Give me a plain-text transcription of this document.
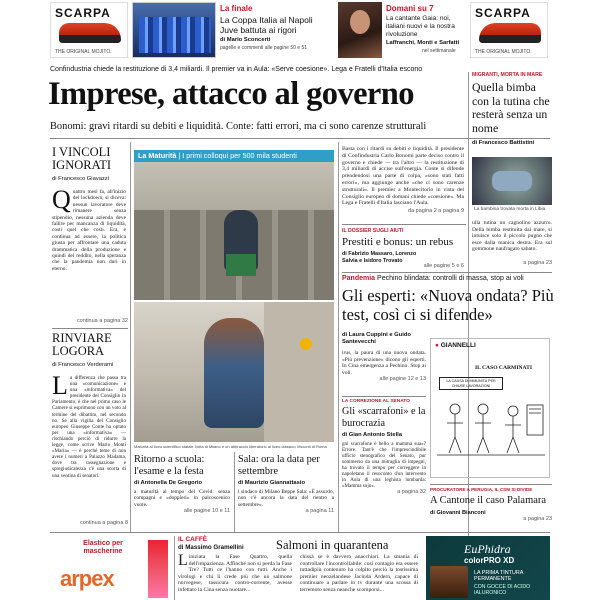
SCARPA
THE ORIGINAL MOJITO.
La finale
La Coppa Italia al Napoli Juve battuta ai rigori
di Mario Sconcerti
pagelle e commenti alle pagine 50 e 51
Domani su 7
La cantante Gaia: noi, italiani nuovi e la nostra rivoluzione
Laffranchi, Monti e Sarfatti
nel settimanale
SCARPA
THE ORIGINAL MOJITO.
Confindustria chiede la restituzione di 3,4 miliardi. Il premier va in Aula: «Serve coesione». Lega e Fratelli d'Italia escono
Imprese, attacco al governo
Bonomi: gravi ritardi su debiti e liquidità. Conte: fatti errori, ma ci sono carenze strutturali
MIGRANTI, MORTA IN MARE
Quella bimba con la tutina che resterà senza un nome
di Francesco Battistini
La bambina trovata morta in Libia
ulla tutina un cagnolino azzurro. Della bimba restituita dal mare, si intuisce solo il piccolo pugno che esce dalla manica destra. Era sul gommone naufragato sabato.
a pagina 23
I VINCOLI IGNORATI
di Francesco Giavazzi
Q uattro mesi fa, all'inizio del lockdown, si diceva: nessun lavoratore deve rimanere senza stipendio, nessuna azienda deve fallire per mancanza di liquidità, costi quel che costi. Era, e continua ad essere, la politica giusta per affrontare una caduta drammatica della produzione e quindi del reddito, nella speranza che la pandemia non duri in eterno.
continua a pagina 32
RINVIARE LOGORA
di Francesco Verderami
L a differenza che passa tra una «comunicazione» e una «informativa» del presidente del Consiglio in Parlamento, è che nel primo caso le Camere si esprimono con un voto al termine del dibattito, nel secondo no. Se alla vigilia del Consiglio europeo Giuseppe Conte ha optato per una «informativa» — rischiando perciò di ridurre la legge, come scrive Mario Monti «Maria» — è perché teme di non avere i numeri a Palazzo Madama, dove tra rassegnazione e spregiudicatezza c'è una scorta di una ventina di senatori.
continua a pagina 8
La Maturità | I primi colloqui per 500 mila studenti
Maturità al liceo scientifico statale Volta di Milano e un abbraccio liberatorio al liceo classico Visconti di Roma
Ritorno a scuola: l'esame e la festa
di Antonella De Gregorio
a maturità al tempo del Covid: senza compagni e «doppieri» in palcoscenico vuote.
alle pagine 10 e 11
Sala: ora la data per settembre
di Maurizio Giannattasio
l sindaco di Milano Beppe Sala: «È assurdo, non c'è ancora la data del rientro a settembre».
a pagina 11
Basta con i ritardi su debiti e liquidità. Il presidente di Confindustria Carlo Bonomi parte deciso contro il governo e chiede — tra l'altro — la restituzione di 3,4 miliardi di accise sull'energia. Conte si difende prendendosi una parte di colpa, «sono stati fatti errori», ma aggiunge anche «che ci sono carenze strutturali». Il premier a Montecitorio in vista del Consiglio europeo di domani chiede «coesione». Ma Lega e Fratelli d'Italia lasciano l'Aula.
da pagina 2 a pagina 9
IL DOSSIER SUGLI AIUTI
Prestiti e bonus: un rebus
di Fabrizio Massaro, Lorenzo Salvia e Isidoro Trovato
alle pagine 5 e 6
Pandemia Pechino blindata: controlli di massa, stop ai voli
Gli esperti: «Nuova ondata? Più test, così ci si difende»
di Laura Cuppini e Guido Santevecchi
irus, la paura di una nuova ondata. «Più prevenzione» dicono gli esperti. In Cina emergenza a Pechino. Stop ai voli.
alle pagine 12 e 13
LA CORREZIONE AL SENATO
Gli «scarrafoni» e la burocrazia
di Gian Antonio Stella
gni scarrafone è bello a mamma sua»? Errore. Tant'è che l'imprescindibile ufficio stenografico del Senato, pur sommerso da una mitraglia di impegni, ha trovato il tempo per correggere in napoletano il resoconto d'un intervento in Aula di una leghista lombarda: «Mamma sojo».
a pagina 32
● GIANNELLI
IL CASO CARMINATI
LA CAUSA DI IMMUNITÀ PER CHIUSE LAVORAZIONI
PROCURATORE A PERUGIA, IL CSM SI DIVIDE
A Cantone il caso Palamara
di Giovanni Bianconi
a pagina 23
Elastico per mascherine
arpex
IL CAFFÈ
di Massimo Gramellini	Salmoni in quarantena
L iniziata la Fase Quattro, quella dell'impazienza. Affinché non si perda la Fase Tre? Tutti ce l'hanno con tutti. Anche i virologi e chi li crede più che un salmone norvegese, rassicura contro-corrente, avesse infettato la Cina senza nuotare...
chissà se è davvero anacchiari. La smania di controllare l'incontrollabile: così contagio era essere tuttadipiù contenuto ha colpito perciò la tostissima premier neozelandese Jacinda Ardern, capace di continuare a parlare in tv durante una scossa di terremoto senza neanche scomporsi...
EuPhidra
colorPRO XD
LA PRIMA TINTURA PERMANENTE
CON GOCCE DI ACIDO IALURONICO
